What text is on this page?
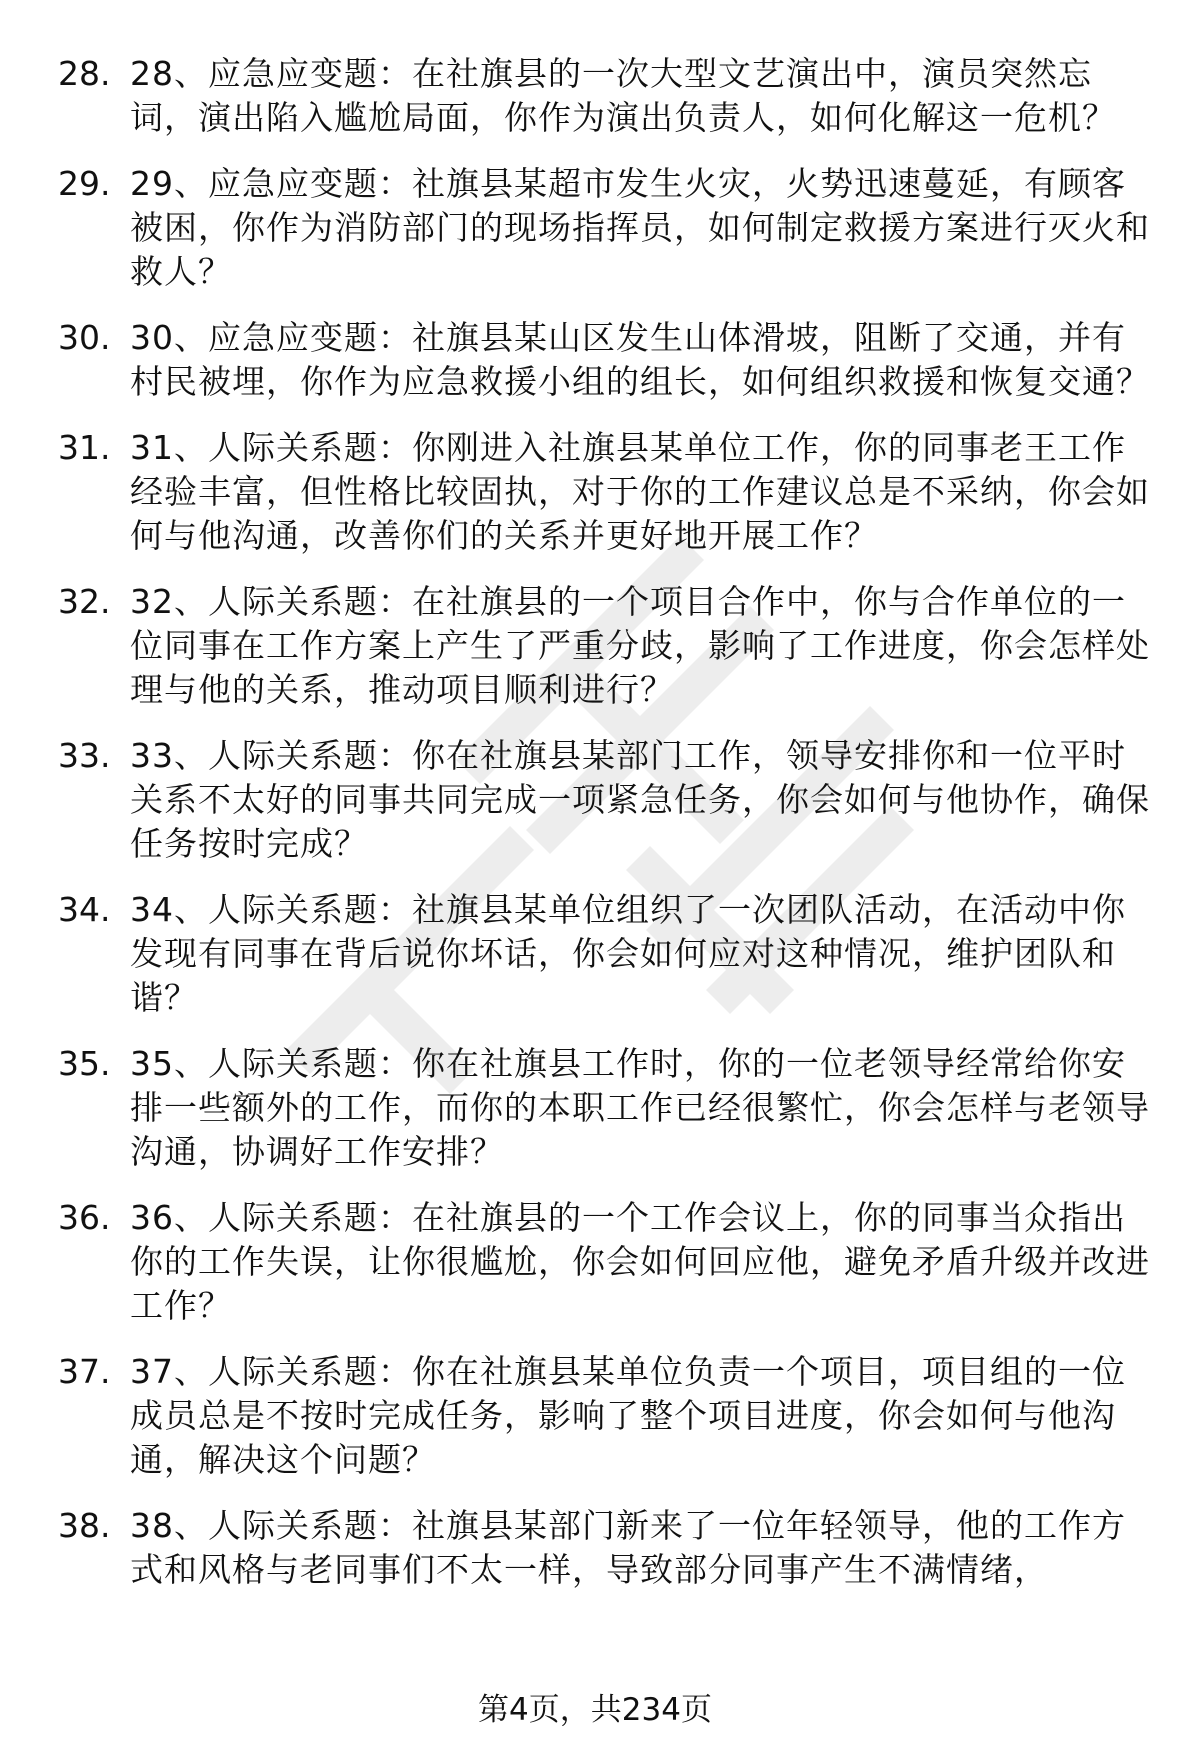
28. 28、应急应变题：在社旗县的一次大型文艺演出中，演员突然忘词，演出陷入尴尬局面，你作为演出负责人，如何化解这一危机？
29. 29、应急应变题：社旗县某超市发生火灾，火势迅速蔓延，有顾客被困，你作为消防部门的现场指挥员，如何制定救援方案进行灭火和救人？
30. 30、应急应变题：社旗县某山区发生山体滑坡，阻断了交通，并有村民被埋，你作为应急救援小组的组长，如何组织救援和恢复交通？
31. 31、人际关系题：你刚进入社旗县某单位工作，你的同事老王工作经验丰富，但性格比较固执，对于你的工作建议总是不采纳，你会如何与他沟通，改善你们的关系并更好地开展工作？
32. 32、人际关系题：在社旗县的一个项目合作中，你与合作单位的一位同事在工作方案上产生了严重分歧，影响了工作进度，你会怎样处理与他的关系，推动项目顺利进行？
33. 33、人际关系题：你在社旗县某部门工作，领导安排你和一位平时关系不太好的同事共同完成一项紧急任务，你会如何与他协作，确保任务按时完成？
34. 34、人际关系题：社旗县某单位组织了一次团队活动，在活动中你发现有同事在背后说你坏话，你会如何应对这种情况，维护团队和谐？
35. 35、人际关系题：你在社旗县工作时，你的一位老领导经常给你安排一些额外的工作，而你的本职工作已经很繁忙，你会怎样与老领导沟通，协调好工作安排？
36. 36、人际关系题：在社旗县的一个工作会议上，你的同事当众指出你的工作失误，让你很尴尬，你会如何回应他，避免矛盾升级并改进工作？
37. 37、人际关系题：你在社旗县某单位负责一个项目，项目组的一位成员总是不按时完成任务，影响了整个项目进度，你会如何与他沟通，解决这个问题？
38. 38、人际关系题：社旗县某部门新来了一位年轻领导，他的工作方式和风格与老同事们不太一样，导致部分同事产生不满情绪，
第4页，共234页
